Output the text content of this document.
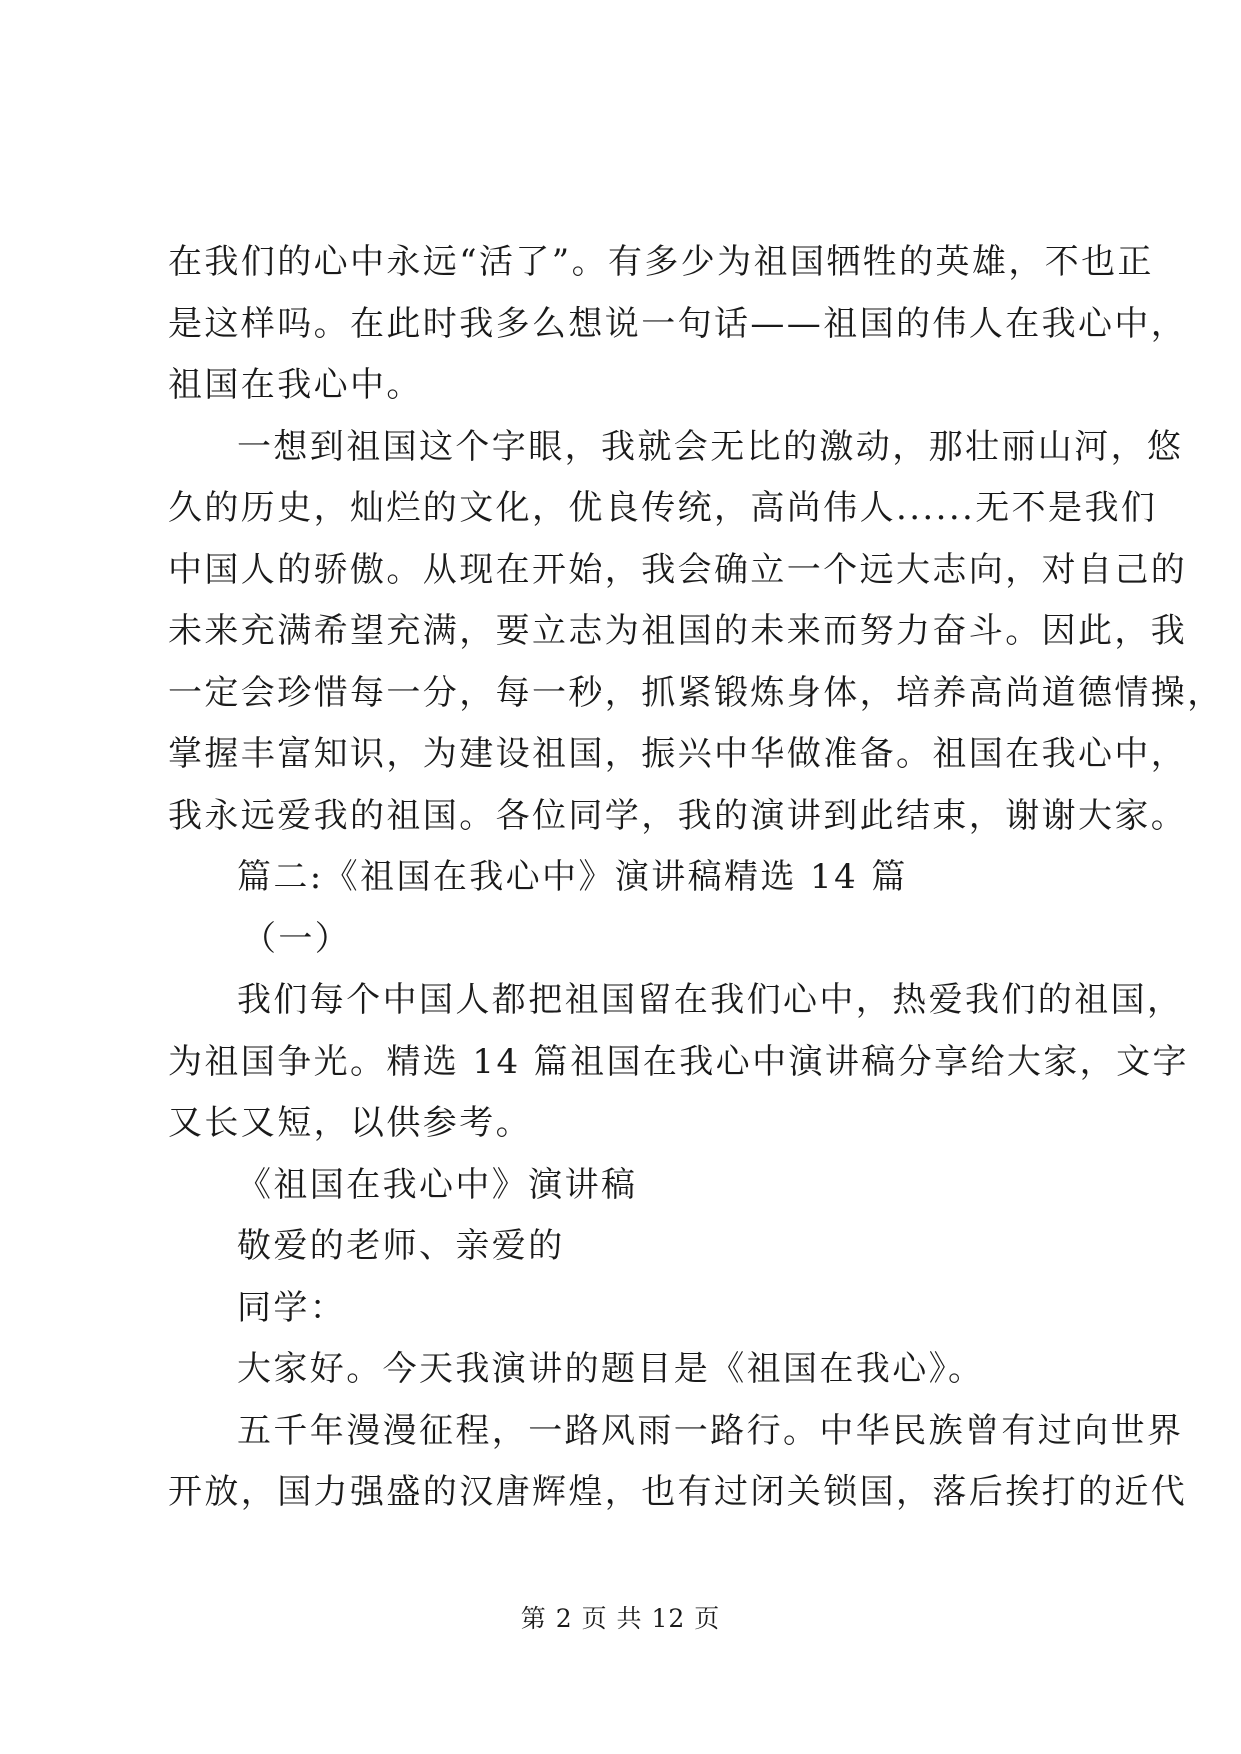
在我们的心中永远“活了”。有多少为祖国牺牲的英雄，不也正
是这样吗。在此时我多么想说一句话——祖国的伟人在我心中，
祖国在我心中。
一想到祖国这个字眼，我就会无比的激动，那壮丽山河，悠
久的历史，灿烂的文化，优良传统，高尚伟人......无不是我们
中国人的骄傲。从现在开始，我会确立一个远大志向，对自己的
未来充满希望充满，要立志为祖国的未来而努力奋斗。因此，我
一定会珍惜每一分，每一秒，抓紧锻炼身体，培养高尚道德情操，
掌握丰富知识，为建设祖国，振兴中华做准备。祖国在我心中，
我永远爱我的祖国。各位同学，我的演讲到此结束，谢谢大家。
篇二:《祖国在我心中》演讲稿精选 14 篇
（一）
我们每个中国人都把祖国留在我们心中，热爱我们的祖国，
为祖国争光。精选 14 篇祖国在我心中演讲稿分享给大家，文字
又长又短，以供参考。
《祖国在我心中》演讲稿
敬爱的老师、亲爱的
同学：
大家好。今天我演讲的题目是《祖国在我心》。
五千年漫漫征程，一路风雨一路行。中华民族曾有过向世界
开放，国力强盛的汉唐辉煌，也有过闭关锁国，落后挨打的近代
第 2 页 共 12 页
